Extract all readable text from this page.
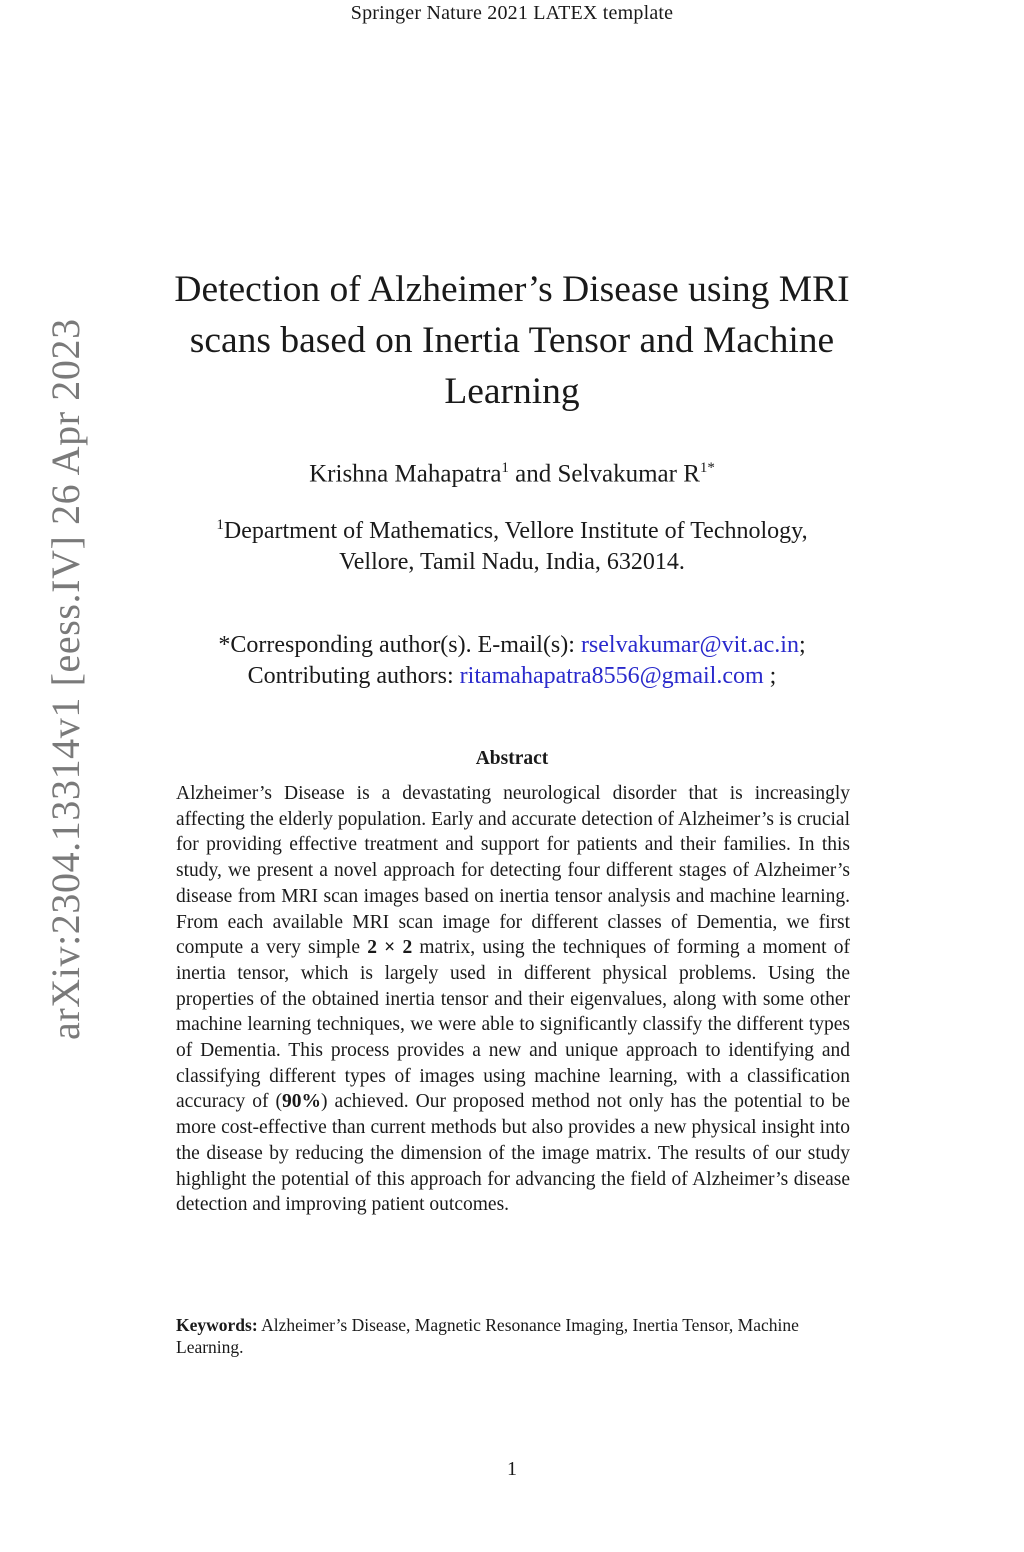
Springer Nature 2021 LATEX template
arXiv:2304.13314v1 [eess.IV] 26 Apr 2023
Detection of Alzheimer’s Disease using MRI scans based on Inertia Tensor and Machine Learning
Krishna Mahapatra$^1$ and Selvakumar $R^{1*}$
$^1$Department of Mathematics, Vellore Institute of Technology,
Vellore, Tamil Nadu, India, 632014.
*Corresponding author(s). E-mail(s): rselvakumar@vit.ac.in;
Contributing authors: ritamahapatra8556@gmail.com ;
Abstract

Alzheimer’s Disease is a devastating neurological disorder that is increasingly affecting the elderly population. Early and accurate detection of Alzheimer’s is crucial for providing effective treatment and support for patients and their families. In this study, we present a novel approach for detecting four different stages of Alzheimer’s disease from MRI scan images based on inertia tensor analysis and machine learning. From each available MRI scan image for different classes of Dementia, we first compute a very simple 2 × 2 matrix, using the techniques of forming a moment of inertia tensor, which is largely used in different physical problems. Using the properties of the obtained inertia tensor and their eigenvalues, along with some other machine learning techniques, we were able to significantly classify the different types of Dementia. This process provides a new and unique approach to identifying and classifying different types of images using machine learning, with a classification accuracy of (90%) achieved. Our proposed method not only has the potential to be more cost-effective than current methods but also provides a new physical insight into the disease by reducing the dimension of the image matrix. The results of our study highlight the potential of this approach for advancing the field of Alzheimer’s disease detection and improving patient outcomes.

Keywords: Alzheimer’s Disease, Magnetic Resonance Imaging, Inertia Tensor, Machine Learning.
1
